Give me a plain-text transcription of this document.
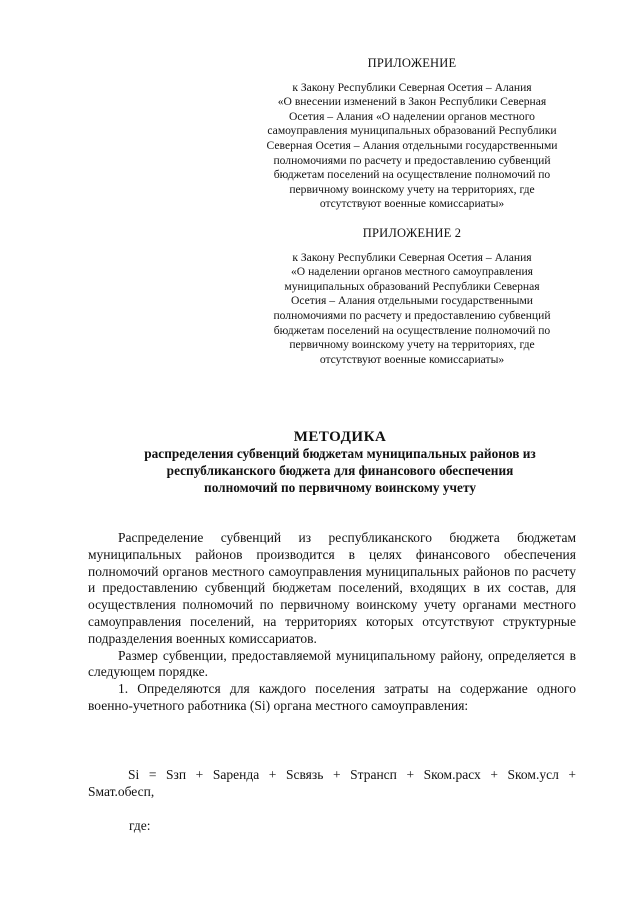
ПРИЛОЖЕНИЕ
к Закону Республики Северная Осетия – Алания
«О внесении изменений в Закон Республики Северная
Осетия – Алания «О наделении органов местного
самоуправления муниципальных образований Республики
Северная Осетия – Алания отдельными государственными
полномочиями по расчету и предоставлению субвенций
бюджетам поселений на осуществление полномочий по
первичному воинскому учету на территориях, где
отсутствуют военные комиссариаты»
ПРИЛОЖЕНИЕ 2
к Закону Республики Северная Осетия – Алания
«О наделении органов местного самоуправления
муниципальных образований Республики Северная
Осетия – Алания отдельными государственными
полномочиями по расчету и предоставлению субвенций
бюджетам поселений на осуществление полномочий по
первичному воинскому учету на территориях, где
отсутствуют военные комиссариаты»
МЕТОДИКА
распределения субвенций бюджетам муниципальных районов из
республиканского бюджета для финансового обеспечения
полномочий по первичному воинскому учету

Распределение субвенций из республиканского бюджета бюджетам муниципальных районов производится в целях финансового обеспечения полномочий органов местного самоуправления муниципальных районов по расчету и предоставлению субвенций бюджетам поселений, входящих в их состав, для осуществления полномочий по первичному воинскому учету органами местного самоуправления поселений, на территориях которых отсутствуют структурные подразделения военных комиссариатов.

Размер субвенции, предоставляемой муниципальному району, определяется в следующем порядке.

1. Определяются для каждого поселения затраты на содержание одного военно-учетного работника (Si) органа местного самоуправления:

Si = Sзп + Sаренда + Sсвязь + Sтрансп + Sком.расх + Sком.усл +
Sмат.обесп,
где:
